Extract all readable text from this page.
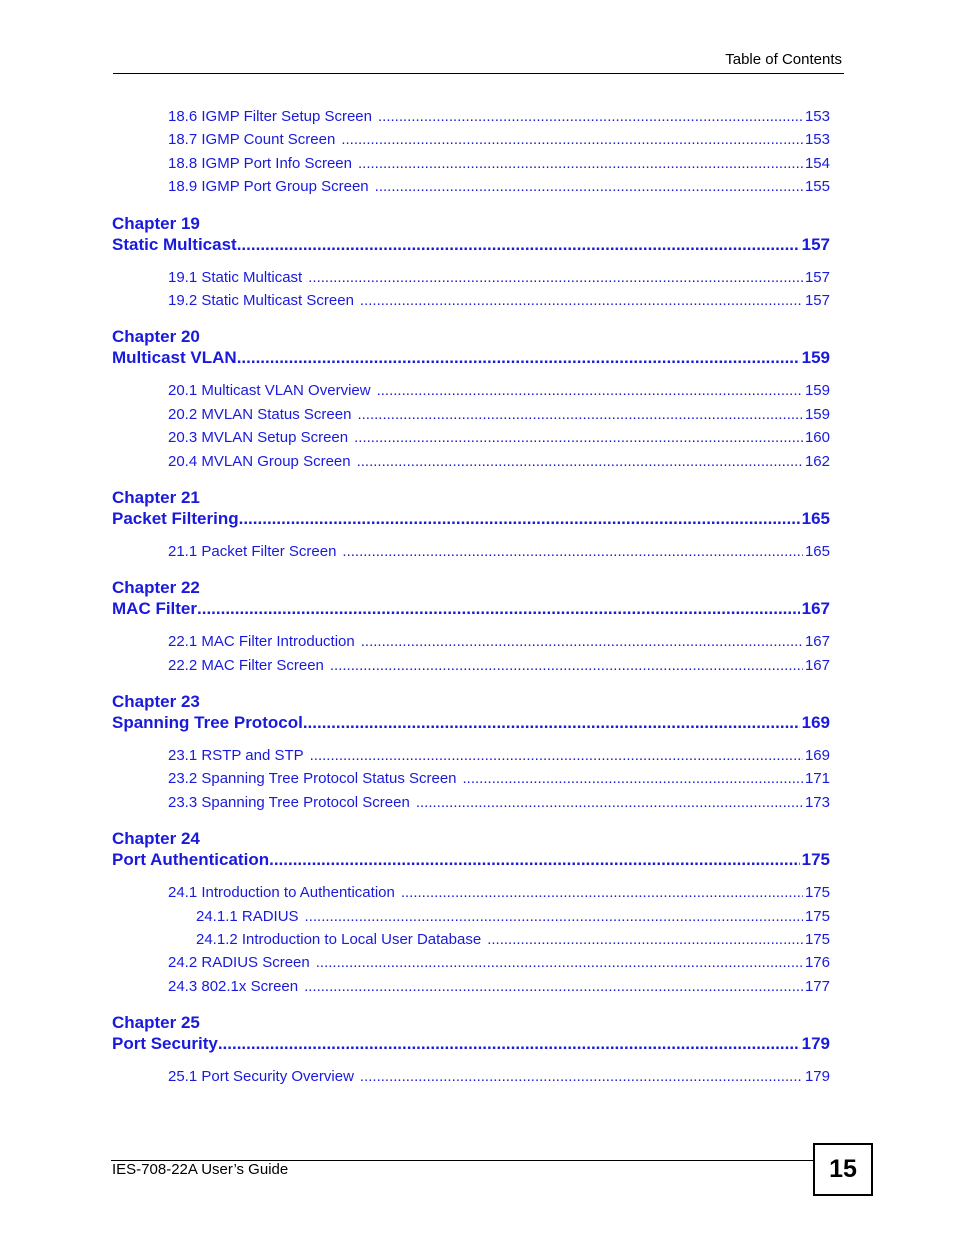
Table of Contents
18.6 IGMP Filter Setup Screen .....	153
18.7 IGMP Count Screen .....	153
18.8 IGMP Port Info Screen .....	154
18.9 IGMP Port Group Screen .....	155
Chapter 19
Static Multicast .....	157
19.1 Static Multicast .....	157
19.2 Static Multicast Screen .....	157
Chapter 20
Multicast VLAN .....	159
20.1 Multicast VLAN Overview .....	159
20.2 MVLAN Status Screen .....	159
20.3 MVLAN Setup Screen .....	160
20.4 MVLAN Group Screen .....	162
Chapter 21
Packet Filtering .....	165
21.1 Packet Filter Screen .....	165
Chapter 22
MAC Filter .....	167
22.1 MAC Filter Introduction .....	167
22.2 MAC Filter Screen .....	167
Chapter 23
Spanning Tree Protocol .....	169
23.1 RSTP and STP .....	169
23.2 Spanning Tree Protocol Status Screen .....	171
23.3 Spanning Tree Protocol Screen .....	173
Chapter 24
Port Authentication .....	175
24.1 Introduction to Authentication .....	175
24.1.1 RADIUS .....	175
24.1.2 Introduction to Local User Database .....	175
24.2 RADIUS Screen .....	176
24.3 802.1x Screen .....	177
Chapter 25
Port Security .....	179
25.1 Port Security Overview .....	179
IES-708-22A User’s Guide	15
